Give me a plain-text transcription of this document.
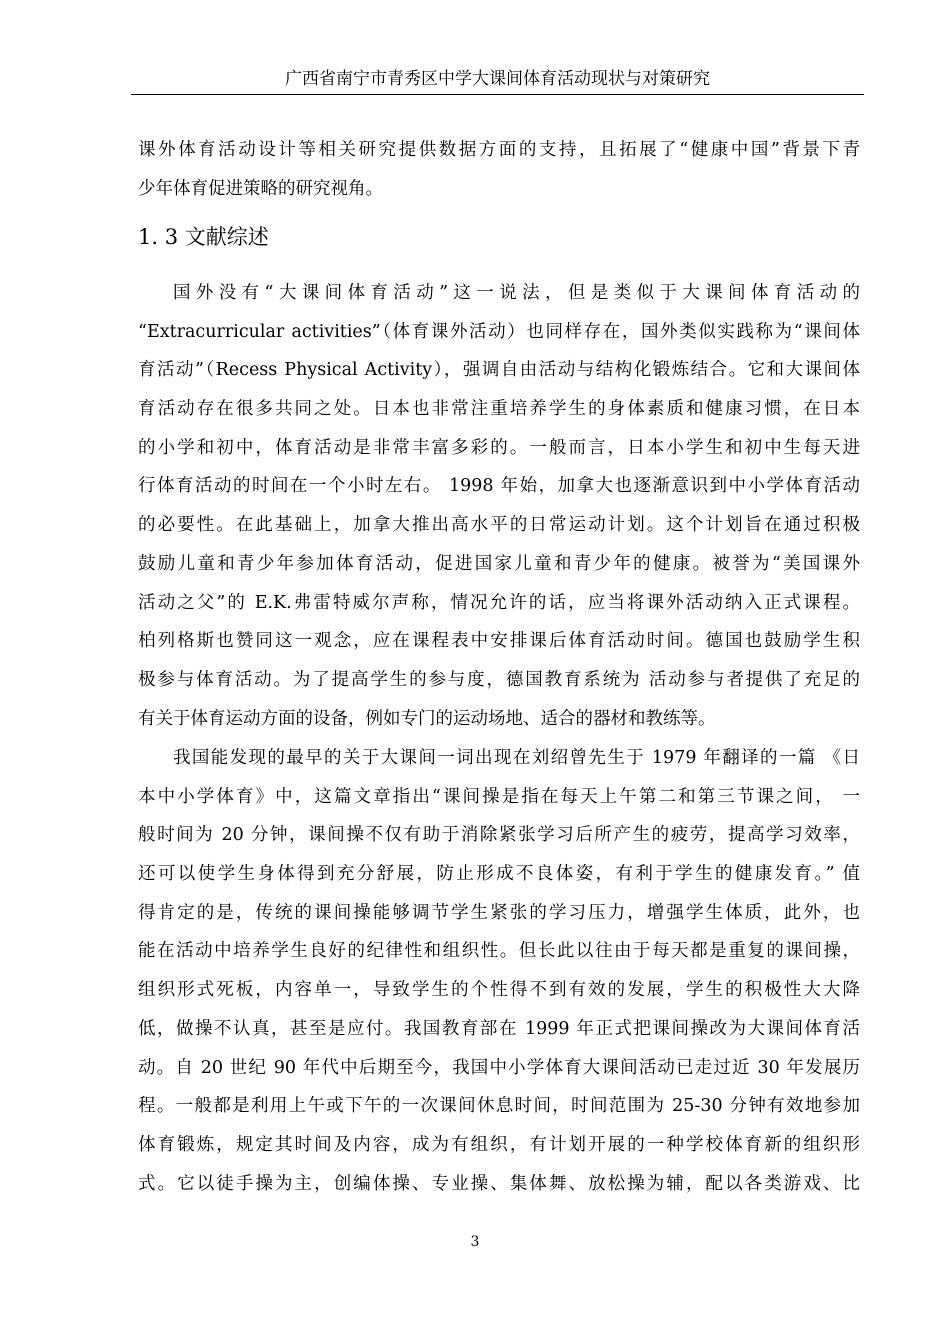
广西省南宁市青秀区中学大课间体育活动现状与对策研究
课外体育活动设计等相关研究提供数据方面的支持，且拓展了“健康中国”背景下青
少年体育促进策略的研究视角。
1. 3 文献综述
国外没有“大课间体育活动”这一说法，但是类似于大课间体育活动的
“Extracurricular activities”（体育课外活动）也同样存在，国外类似实践称为“课间体
育活动”（Recess Physical Activity），强调自由活动与结构化锻炼结合。它和大课间体
育活动存在很多共同之处。日本也非常注重培养学生的身体素质和健康习惯，在日本
的小学和初中，体育活动是非常丰富多彩的。一般而言，日本小学生和初中生每天进
行体育活动的时间在一个小时左右。 1998 年始，加拿大也逐渐意识到中小学体育活动
的必要性。在此基础上，加拿大推出高水平的日常运动计划。这个计划旨在通过积极
鼓励儿童和青少年参加体育活动，促进国家儿童和青少年的健康。被誉为“美国课外
活动之父”的 E.K.弗雷特威尔声称，情况允许的话，应当将课外活动纳入正式课程。
柏列格斯也赞同这一观念，应在课程表中安排课后体育活动时间。德国也鼓励学生积
极参与体育活动。为了提高学生的参与度，德国教育系统为 活动参与者提供了充足的
有关于体育运动方面的设备，例如专门的运动场地、适合的器材和教练等。
我国能发现的最早的关于大课间一词出现在刘绍曾先生于 1979 年翻译的一篇 《日
本中小学体育》中，这篇文章指出“课间操是指在每天上午第二和第三节课之间， 一
般时间为 20 分钟，课间操不仅有助于消除紧张学习后所产生的疲劳，提高学习效率，
还可以使学生身体得到充分舒展，防止形成不良体姿，有利于学生的健康发育。” 值
得肯定的是，传统的课间操能够调节学生紧张的学习压力，增强学生体质，此外，也
能在活动中培养学生良好的纪律性和组织性。但长此以往由于每天都是重复的课间操，
组织形式死板，内容单一，导致学生的个性得不到有效的发展，学生的积极性大大降
低，做操不认真，甚至是应付。我国教育部在 1999 年正式把课间操改为大课间体育活
动。自 20 世纪 90 年代中后期至今，我国中小学体育大课间活动已走过近 30 年发展历
程。一般都是利用上午或下午的一次课间休息时间，时间范围为 25-30 分钟有效地参加
体育锻炼，规定其时间及内容，成为有组织，有计划开展的一种学校体育新的组织形
式。它以徒手操为主，创编体操、专业操、集体舞、放松操为辅，配以各类游戏、比
3
